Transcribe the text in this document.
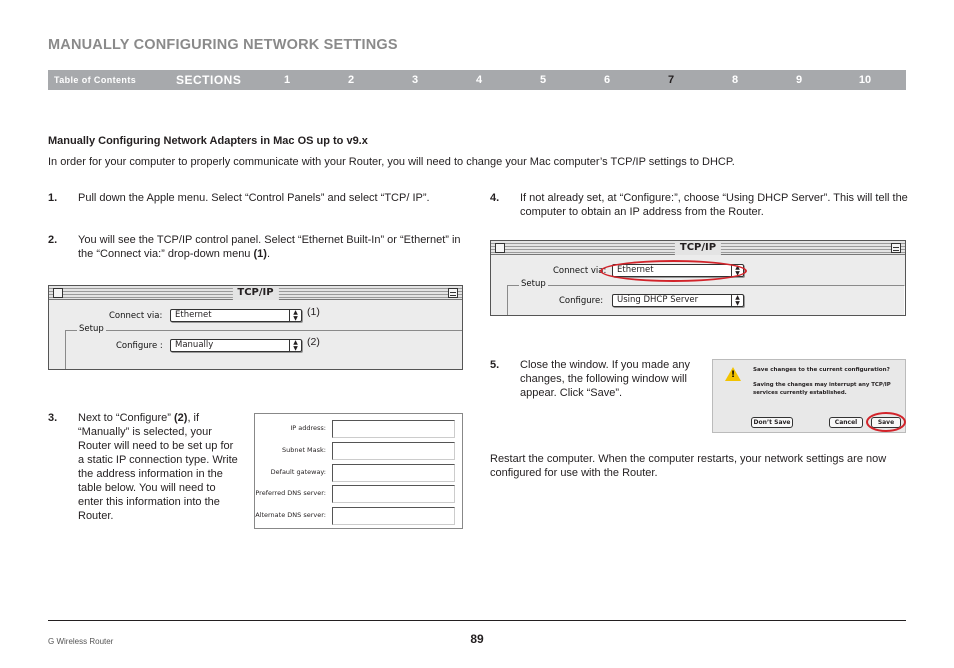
MANUALLY CONFIGURING NETWORK SETTINGS
Table of Contents	SECTIONS	1	2	3	4	5	6	7	8	9	10
Manually Configuring Network Adapters in Mac OS up to v9.x
In order for your computer to properly communicate with your Router, you will need to change your Mac computer’s TCP/IP settings to DHCP.
1. Pull down the Apple menu. Select “Control Panels” and select “TCP/ IP”.
2. You will see the TCP/IP control panel. Select “Ethernet Built-In” or “Ethernet” in the “Connect via:” drop-down menu (1).
TCP/IP
Connect via:	Ethernet	▲
▼
Setup
Configure :	Manually	▲
▼
(1)
(2)
3. Next to “Configure” (2), if “Manually” is selected, your Router will need to be set up for a static IP connection type. Write the address information in the table below. You will need to enter this information into the Router.
IP address:
Subnet Mask:
Default gateway:
Preferred DNS server:
Alternate DNS server:
4. If not already set, at “Configure:”, choose “Using DHCP Server”. This will tell the computer to obtain an IP address from the Router.
TCP/IP
Connect via:	Ethernet	▲
▼
Setup
Configure:	Using DHCP Server	▲
▼
5. Close the window. If you made any changes, the following window will appear. Click “Save”.
!	Save changes to the current configuration?
Saving the changes may interrupt any TCP/IP services currently established.
Don’t Save	Cancel	Save
Restart the computer. When the computer restarts, your network settings are now configured for use with the Router.
G Wireless Router	89
